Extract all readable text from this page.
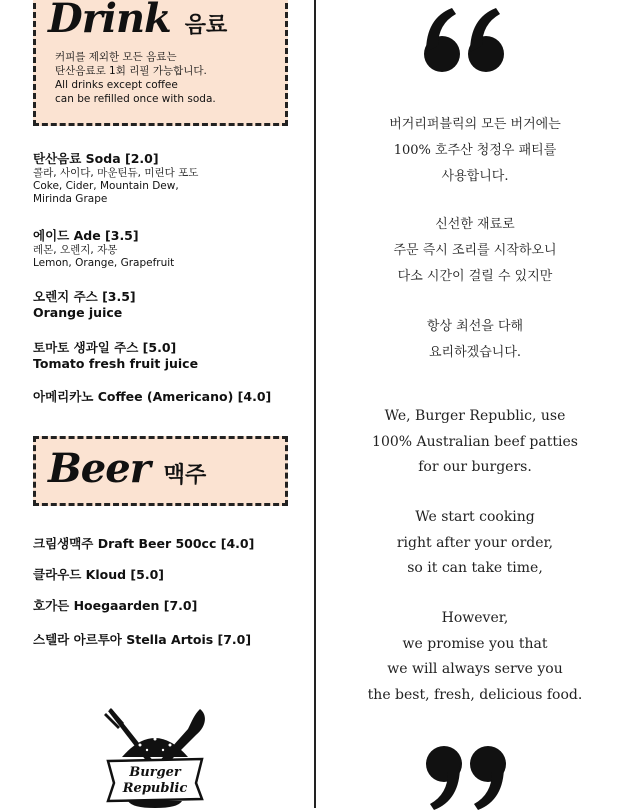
Drink 음료
커피를 제외한 모든 음료는
탄산음료로 1회 리필 가능합니다.
All drinks except coffee
can be refilled once with soda.
탄산음료 Soda [2.0]
콜라, 사이다, 마운틴듀, 미린다 포도
Coke, Cider, Mountain Dew,
Mirinda Grape
에이드 Ade [3.5]
레몬, 오렌지, 자몽
Lemon, Orange, Grapefruit
오렌지 주스 [3.5]
Orange juice
토마토 생과일 주스 [5.0]
Tomato fresh fruit juice
아메리카노 Coffee (Americano) [4.0]
Beer 맥주
크림생맥주 Draft Beer 500cc [4.0]
클라우드 Kloud [5.0]
호가든 Hoegaarden [7.0]
스텔라 아르투아 Stella Artois [7.0]
Burger
Republic
버거리퍼블릭의 모든 버거에는
100% 호주산 청정우 패티를
사용합니다.
신선한 재료로
주문 즉시 조리를 시작하오니
다소 시간이 걸릴 수 있지만
항상 최선을 다해
요리하겠습니다.
We, Burger Republic, use
100% Australian beef patties
for our burgers.
We start cooking
right after your order,
so it can take time,
However,
we promise you that
we will always serve you
the best, fresh, delicious food.
